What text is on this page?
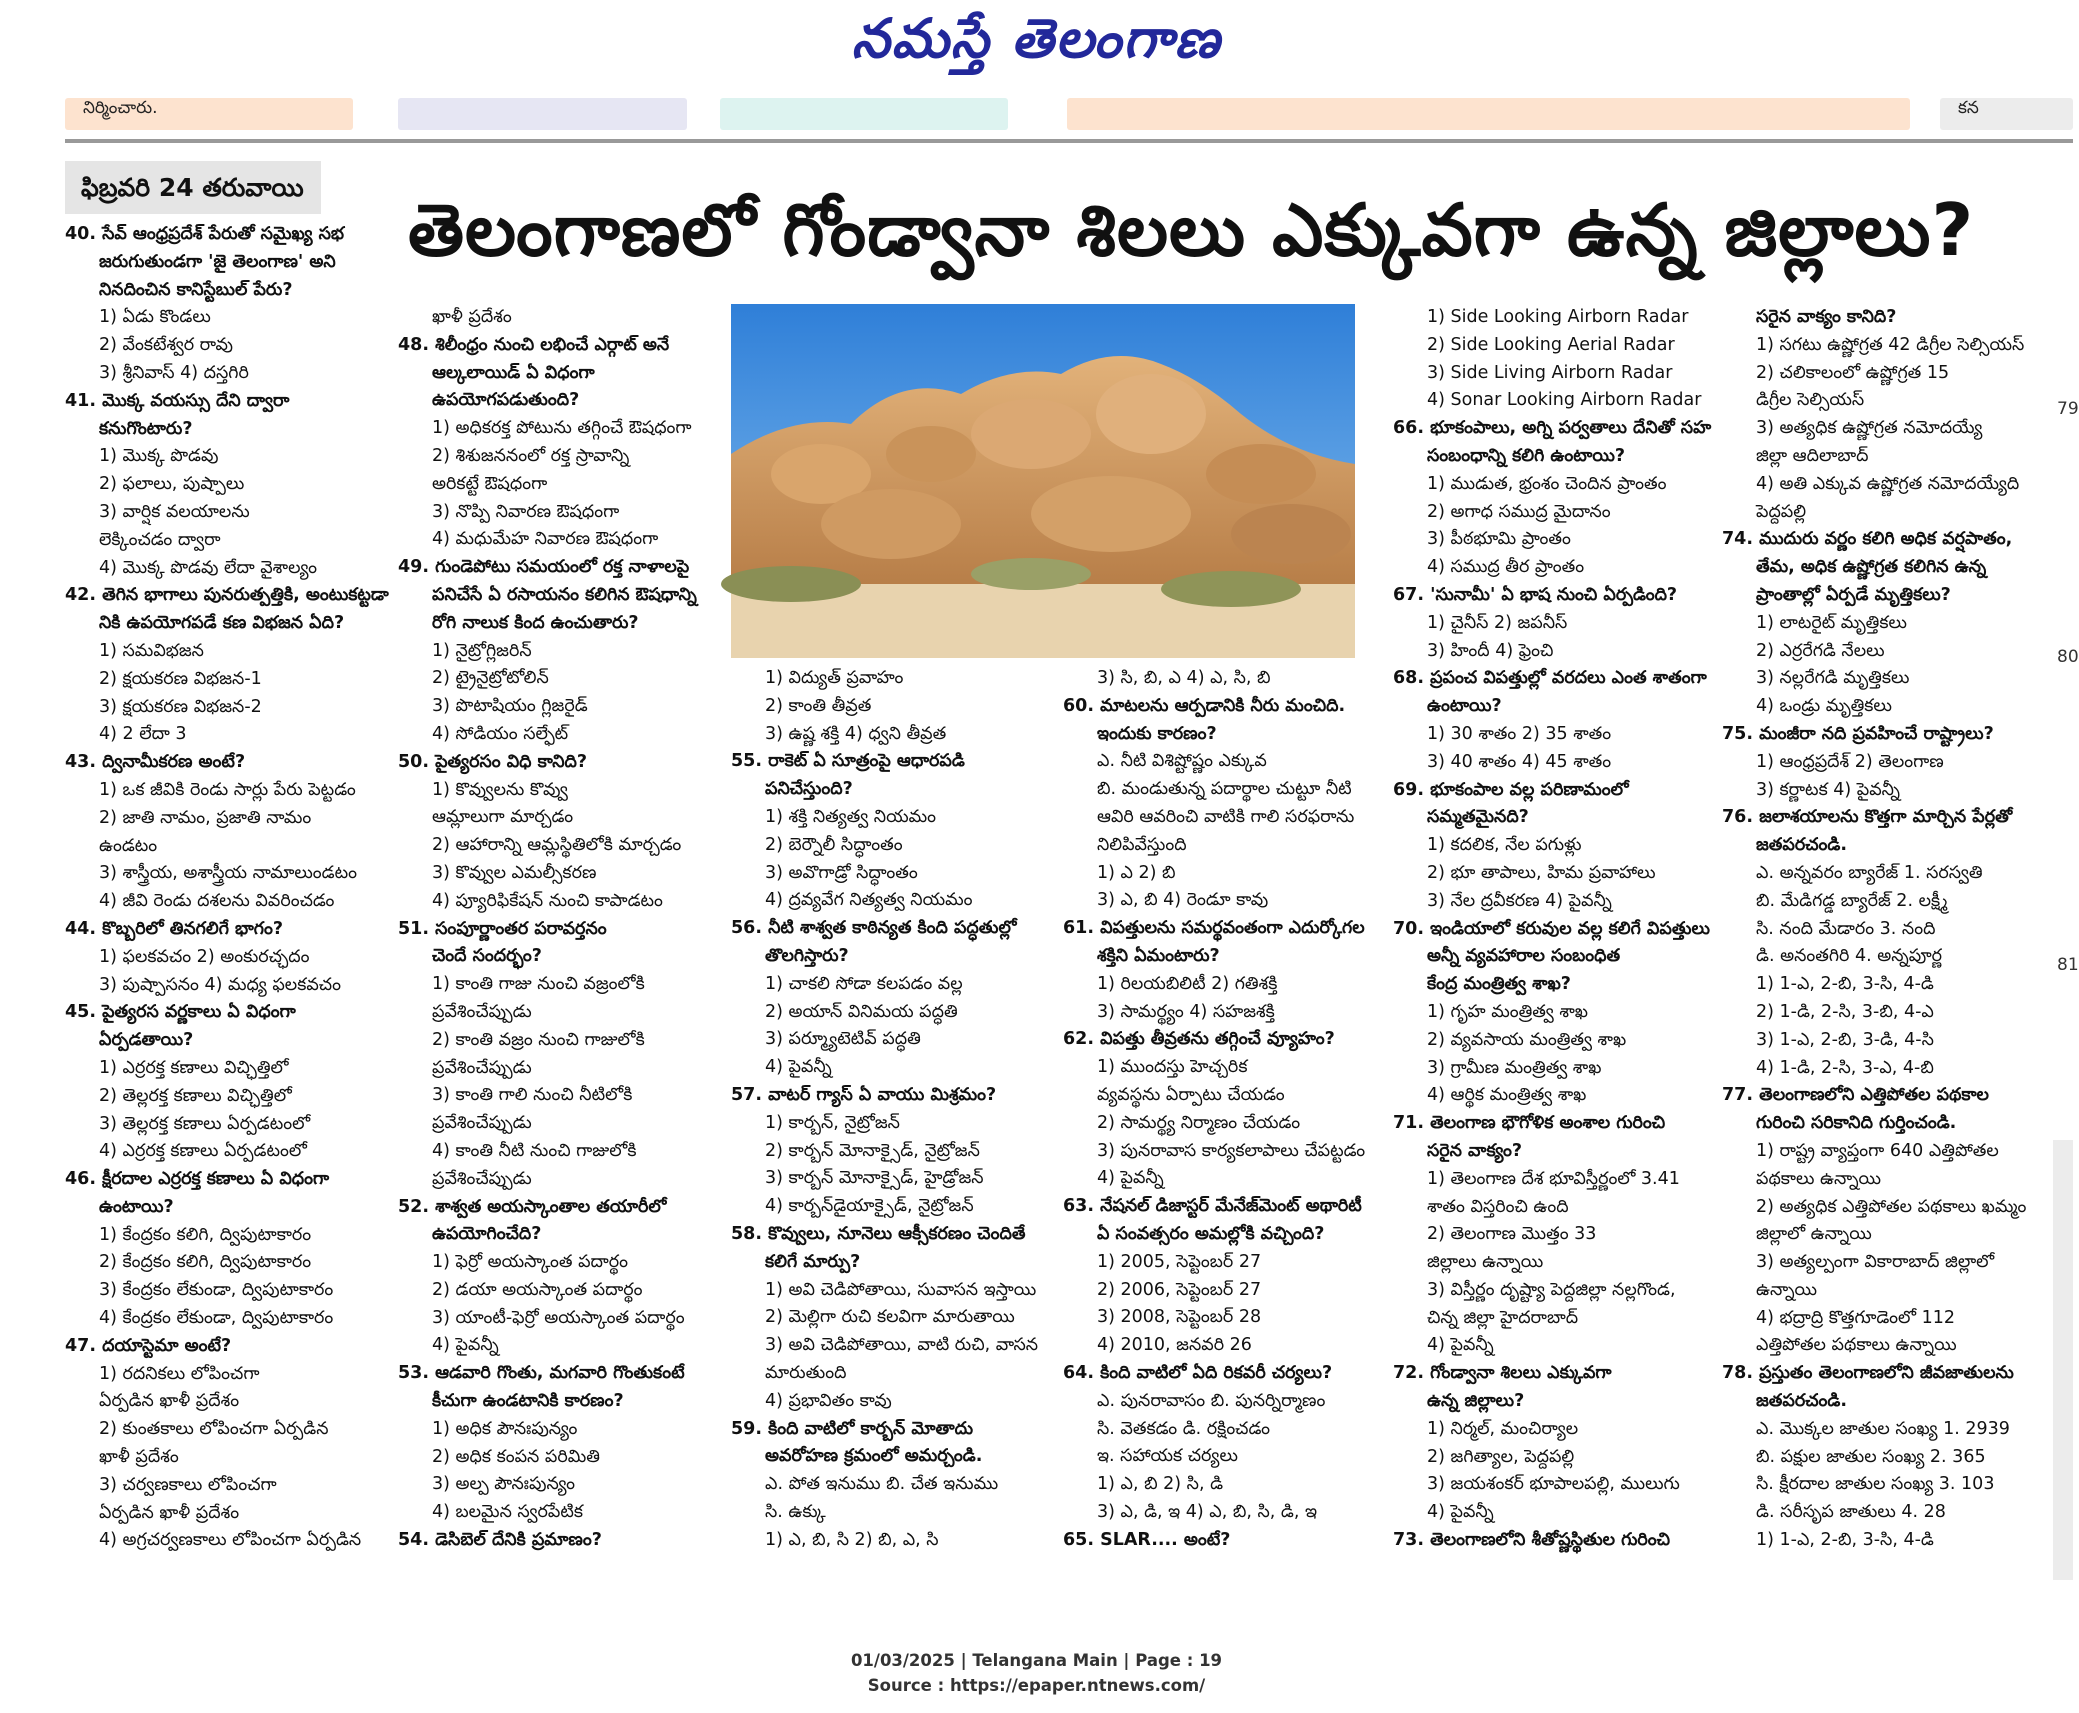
నమస్తే తెలంగాణ
నిర్మించారు.	కన
ఫిబ్రవరి 24 తరువాయి
తెలంగాణలో గోండ్వానా శిలలు ఎక్కువగా ఉన్న జిల్లాలు?
40. సేవ్ ఆంధ్రప్రదేశ్ పేరుతో సమైఖ్య సభ
జరుగుతుండగా 'జై తెలంగాణ' అని
నినదించిన కానిస్టేబుల్ పేరు?
1) ఏడు కొండలు
2) వేంకటేశ్వర రావు
3) శ్రీనివాస్ 4) దస్తగిరి
41. మొక్క వయస్సు దేని ద్వారా
కనుగొంటారు?
1) మొక్క పొడవు
2) ఫలాలు, పుష్పాలు
3) వార్షిక వలయాలను
లెక్కించడం ద్వారా
4) మొక్క పొడవు లేదా వైశాల్యం
42. తెగిన భాగాలు పునరుత్పత్తికి, అంటుకట్టడా
నికి ఉపయోగపడే కణ విభజన ఏది?
1) సమవిభజన
2) క్షయకరణ విభజన-1
3) క్షయకరణ విభజన-2
4) 2 లేదా 3
43. ద్వినామీకరణ అంటే?
1) ఒక జీవికి రెండు సార్లు పేరు పెట్టడం
2) జాతి నామం, ప్రజాతి నామం
ఉండటం
3) శాస్త్రీయ, అశాస్త్రీయ నామాలుండటం
4) జీవి రెండు దశలను వివరించడం
44. కొబ్బరిలో తినగలిగే భాగం?
1) ఫలకవచం 2) అంకురచ్ఛదం
3) పుష్పాసనం 4) మధ్య ఫలకవచం
45. పైత్యరస వర్ణకాలు ఏ విధంగా
ఏర్పడతాయి?
1) ఎర్రరక్త కణాలు విచ్ఛిత్తిలో
2) తెల్లరక్త కణాలు విచ్ఛిత్తిలో
3) తెల్లరక్త కణాలు ఏర్పడటంలో
4) ఎర్రరక్త కణాలు ఏర్పడటంలో
46. క్షీరదాల ఎర్రరక్త కణాలు ఏ విధంగా
ఉంటాయి?
1) కేంద్రకం కలిగి, ద్విపుటాకారం
2) కేంద్రకం కలిగి, ద్విపుటాకారం
3) కేంద్రకం లేకుండా, ద్విపుటాకారం
4) కేంద్రకం లేకుండా, ద్విపుటాకారం
47. దయాస్టెమా అంటే?
1) రదనికలు లోపించగా
ఏర్పడిన ఖాళీ ప్రదేశం
2) కుంతకాలు లోపించగా ఏర్పడిన
ఖాళీ ప్రదేశం
3) చర్వణకాలు లోపించగా
ఏర్పడిన ఖాళీ ప్రదేశం
4) అగ్రచర్వణకాలు లోపించగా ఏర్పడిన
ఖాళీ ప్రదేశం
48. శిలీంధ్రం నుంచి లభించే ఎర్గాట్ అనే
ఆల్కలాయిడ్ ఏ విధంగా
ఉపయోగపడుతుంది?
1) అధికరక్త పోటును తగ్గించే ఔషధంగా
2) శిశుజననంలో రక్త స్రావాన్ని
అరికట్టే ఔషధంగా
3) నొప్పి నివారణ ఔషధంగా
4) మధుమేహ నివారణ ఔషధంగా
49. గుండెపోటు సమయంలో రక్త నాళాలపై
పనిచేసే ఏ రసాయనం కలిగిన ఔషధాన్ని
రోగి నాలుక కింద ఉంచుతారు?
1) నైట్రోగ్లిజరిన్
2) ట్రైనైట్రోటోలిన్
3) పొటాషియం గ్లిజరైడ్
4) సోడియం సల్ఫేట్
50. పైత్యరసం విధి కానిది?
1) కొవ్వులను కొవ్వు
ఆమ్లాలుగా మార్చడం
2) ఆహారాన్ని ఆమ్లస్థితిలోకి మార్చడం
3) కొవ్వుల ఎమల్సీకరణ
4) ప్యూరిఫికేషన్ నుంచి కాపాడటం
51. సంపూర్ణాంతర పరావర్తనం
చెందే సందర్భం?
1) కాంతి గాజు నుంచి వజ్రంలోకి
ప్రవేశించేప్పుడు
2) కాంతి వజ్రం నుంచి గాజులోకి
ప్రవేశించేప్పుడు
3) కాంతి గాలి నుంచి నీటిలోకి
ప్రవేశించేప్పుడు
4) కాంతి నీటి నుంచి గాజులోకి
ప్రవేశించేప్పుడు
52. శాశ్వత అయస్కాంతాల తయారీలో
ఉపయోగించేది?
1) ఫెర్రో అయస్కాంత పదార్థం
2) డయా అయస్కాంత పదార్థం
3) యాంటీ-ఫెర్రో అయస్కాంత పదార్థం
4) పైవన్నీ
53. ఆడవారి గొంతు, మగవారి గొంతుకంటే
కీచుగా ఉండటానికి కారణం?
1) అధిక పౌనఃపున్యం
2) అధిక కంపన పరిమితి
3) అల్ప పౌనఃపున్యం
4) బలమైన స్వరపేటిక
54. డెసిబెల్ దేనికి ప్రమాణం?
1) విద్యుత్ ప్రవాహం
2) కాంతి తీవ్రత
3) ఉష్ణ శక్తి 4) ధ్వని తీవ్రత
55. రాకెట్ ఏ సూత్రంపై ఆధారపడి
పనిచేస్తుంది?
1) శక్తి నిత్యత్వ నియమం
2) బెర్నౌలీ సిద్ధాంతం
3) అవొగాడ్రో సిద్ధాంతం
4) ద్రవ్యవేగ నిత్యత్వ నియమం
56. నీటి శాశ్వత కాఠిన్యత కింది పద్ధతుల్లో
తొలగిస్తారు?
1) చాకలి సోడా కలపడం వల్ల
2) అయాన్ వినిమయ పద్ధతి
3) పర్మ్యూటెటివ్ పద్ధతి
4) పైవన్నీ
57. వాటర్ గ్యాస్ ఏ వాయు మిశ్రమం?
1) కార్బన్, నైట్రోజన్
2) కార్బన్ మోనాక్సైడ్, నైట్రోజన్
3) కార్బన్ మోనాక్సైడ్, హైడ్రోజన్
4) కార్బన్‌డైయాక్సైడ్, నైట్రోజన్
58. కొవ్వులు, నూనెలు ఆక్సీకరణం చెందితే
కలిగే మార్పు?
1) అవి చెడిపోతాయి, సువాసన ఇస్తాయి
2) మెల్లిగా రుచి కలవిగా మారుతాయి
3) అవి చెడిపోతాయి, వాటి రుచి, వాసన
మారుతుంది
4) ప్రభావితం కావు
59. కింది వాటిలో కార్బన్ మోతాదు
అవరోహణ క్రమంలో అమర్చండి.
ఎ. పోత ఇనుము బి. చేత ఇనుము
సి. ఉక్కు
1) ఎ, బి, సి 2) బి, ఎ, సి
3) సి, బి, ఎ 4) ఎ, సి, బి
60. మాటలను ఆర్పడానికి నీరు మంచిది.
ఇందుకు కారణం?
ఎ. నీటి విశిష్టోష్ణం ఎక్కువ
బి. మండుతున్న పదార్థాల చుట్టూ నీటి
ఆవిరి ఆవరించి వాటికి గాలి సరఫరాను
నిలిపివేస్తుంది
1) ఎ 2) బి
3) ఎ, బి 4) రెండూ కావు
61. విపత్తులను సమర్థవంతంగా ఎదుర్కోగల
శక్తిని ఏమంటారు?
1) రిలయబిలిటీ 2) గతిశక్తి
3) సామర్థ్యం 4) సహజశక్తి
62. విపత్తు తీవ్రతను తగ్గించే వ్యూహం?
1) ముందస్తు హెచ్చరిక
వ్యవస్థను ఏర్పాటు చేయడం
2) సామర్థ్య నిర్మాణం చేయడం
3) పునరావాస కార్యకలాపాలు చేపట్టడం
4) పైవన్నీ
63. నేషనల్ డిజాస్టర్ మేనేజ్‌మెంట్ అథారిటీ
ఏ సంవత్సరం అమల్లోకి వచ్చింది?
1) 2005, సెప్టెంబర్ 27
2) 2006, సెప్టెంబర్ 27
3) 2008, సెప్టెంబర్ 28
4) 2010, జనవరి 26
64. కింది వాటిలో ఏది రికవరీ చర్యలు?
ఎ. పునరావాసం బి. పునర్నిర్మాణం
సి. వెతకడం డి. రక్షించడం
ఇ. సహాయక చర్యలు
1) ఎ, బి 2) సి, డి
3) ఎ, డి, ఇ 4) ఎ, బి, సి, డి, ఇ
65. SLAR.... అంటే?
1) Side Looking Airborn Radar
2) Side Looking Aerial Radar
3) Side Living Airborn Radar
4) Sonar Looking Airborn Radar
66. భూకంపాలు, అగ్ని పర్వతాలు దేనితో సహ
సంబంధాన్ని కలిగి ఉంటాయి?
1) ముడుత, భ్రంశం చెందిన ప్రాంతం
2) అగాధ సముద్ర మైదానం
3) పీఠభూమి ప్రాంతం
4) సముద్ర తీర ప్రాంతం
67. 'సునామీ' ఏ భాష నుంచి ఏర్పడింది?
1) చైనీస్ 2) జపనీస్
3) హిందీ 4) ఫ్రెంచి
68. ప్రపంచ విపత్తుల్లో వరదలు ఎంత శాతంగా
ఉంటాయి?
1) 30 శాతం 2) 35 శాతం
3) 40 శాతం 4) 45 శాతం
69. భూకంపాల వల్ల పరిణామంలో
సమ్మతమైనది?
1) కదలిక, నేల పగుళ్లు
2) భూ తాపాలు, హిమ ప్రవాహాలు
3) నేల ద్రవీకరణ 4) పైవన్నీ
70. ఇండియాలో కరువుల వల్ల కలిగే విపత్తులు
అన్నీ వ్యవహారాల సంబంధిత
కేంద్ర మంత్రిత్వ శాఖ?
1) గృహ మంత్రిత్వ శాఖ
2) వ్యవసాయ మంత్రిత్వ శాఖ
3) గ్రామీణ మంత్రిత్వ శాఖ
4) ఆర్థిక మంత్రిత్వ శాఖ
71. తెలంగాణ భౌగోళిక అంశాల గురించి
సరైన వాక్యం?
1) తెలంగాణ దేశ భూవిస్తీర్ణంలో 3.41
శాతం విస్తరించి ఉంది
2) తెలంగాణ మొత్తం 33
జిల్లాలు ఉన్నాయి
3) విస్తీర్ణం దృష్ట్యా పెద్దజిల్లా నల్లగొండ,
చిన్న జిల్లా హైదరాబాద్
4) పైవన్నీ
72. గోండ్వానా శిలలు ఎక్కువగా
ఉన్న జిల్లాలు?
1) నిర్మల్, మంచిర్యాల
2) జగిత్యాల, పెద్దపల్లి
3) జయశంకర్ భూపాలపల్లి, ములుగు
4) పైవన్నీ
73. తెలంగాణలోని శీతోష్ణస్థితుల గురించి
సరైన వాక్యం కానిది?
1) సగటు ఉష్ణోగ్రత 42 డిగ్రీల సెల్సియస్
2) చలికాలంలో ఉష్ణోగ్రత 15
డిగ్రీల సెల్సియస్
3) అత్యధిక ఉష్ణోగ్రత నమోదయ్యే
జిల్లా ఆదిలాబాద్
4) అతి ఎక్కువ ఉష్ణోగ్రత నమోదయ్యేది
పెద్దపల్లి
74. ముదురు వర్ణం కలిగి అధిక వర్షపాతం,
తేమ, అధిక ఉష్ణోగ్రత కలిగిన ఉన్న
ప్రాంతాల్లో ఏర్పడే మృత్తికలు?
1) లాటరైట్ మృత్తికలు
2) ఎర్రరేగడి నేలలు
3) నల్లరేగడి మృత్తికలు
4) ఒండ్రు మృత్తికలు
75. మంజీరా నది ప్రవహించే రాష్ట్రాలు?
1) ఆంధ్రప్రదేశ్ 2) తెలంగాణ
3) కర్ణాటక 4) పైవన్నీ
76. జలాశయాలను కొత్తగా మార్చిన పేర్లతో
జతపరచండి.
ఎ. అన్నవరం బ్యారేజ్ 1. సరస్వతి
బి. మేడిగడ్డ బ్యారేజ్ 2. లక్ష్మీ
సి. నంది మేడారం 3. నంది
డి. అనంతగిరి 4. అన్నపూర్ణ
1) 1-ఎ, 2-బి, 3-సి, 4-డి
2) 1-డి, 2-సి, 3-బి, 4-ఎ
3) 1-ఎ, 2-బి, 3-డి, 4-సి
4) 1-డి, 2-సి, 3-ఎ, 4-బి
77. తెలంగాణలోని ఎత్తిపోతల పథకాల
గురించి సరికానిది గుర్తించండి.
1) రాష్ట్ర వ్యాప్తంగా 640 ఎత్తిపోతల
పథకాలు ఉన్నాయి
2) అత్యధిక ఎత్తిపోతల పథకాలు ఖమ్మం
జిల్లాలో ఉన్నాయి
3) అత్యల్పంగా వికారాబాద్ జిల్లాలో
ఉన్నాయి
4) భద్రాద్రి కొత్తగూడెంలో 112
ఎత్తిపోతల పథకాలు ఉన్నాయి
78. ప్రస్తుతం తెలంగాణలోని జీవజాతులను
జతపరచండి.
ఎ. మొక్కల జాతుల సంఖ్య 1. 2939
బి. పక్షుల జాతుల సంఖ్య 2. 365
సి. క్షీరదాల జాతుల సంఖ్య 3. 103
డి. సరీసృప జాతులు 4. 28
1) 1-ఎ, 2-బి, 3-సి, 4-డి
79
80
81
01/03/2025 | Telangana Main | Page : 19
Source : https://epaper.ntnews.com/
